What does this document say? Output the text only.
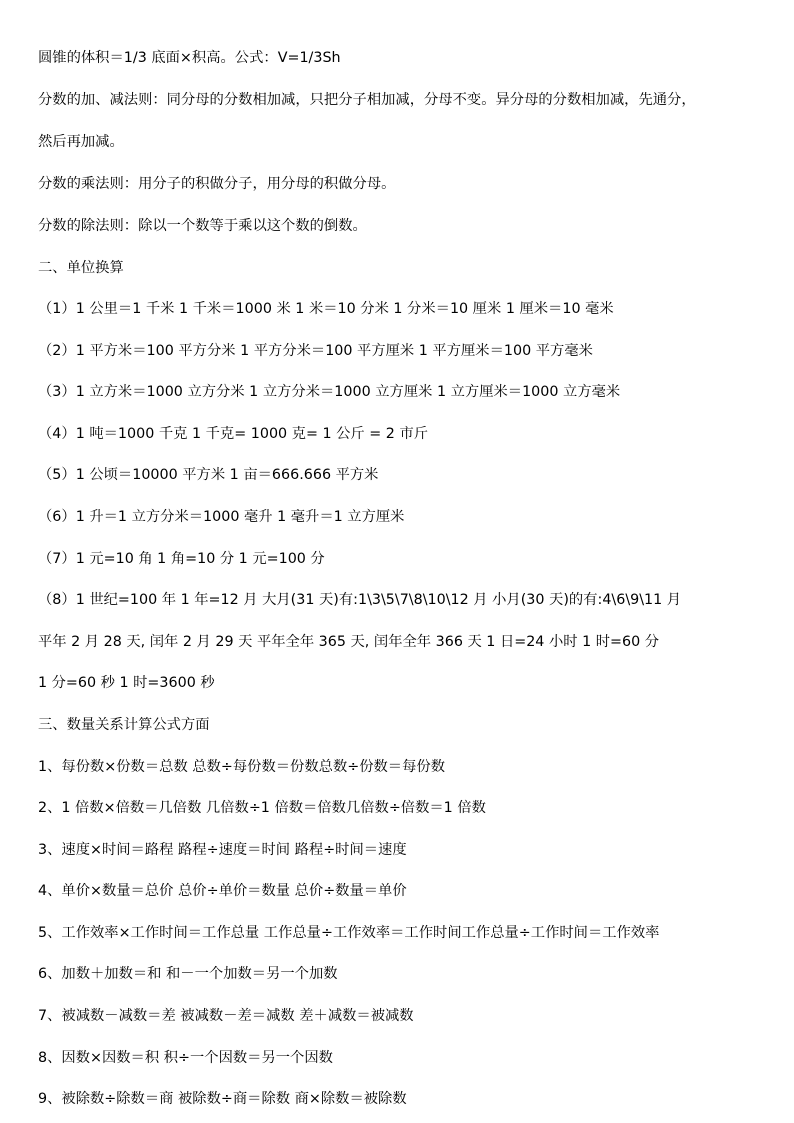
圆锥的体积＝1/3 底面×积高。公式：V=1/3Sh
分数的加、减法则：同分母的分数相加减，只把分子相加减，分母不变。异分母的分数相加减，先通分，
然后再加减。
分数的乘法则：用分子的积做分子，用分母的积做分母。
分数的除法则：除以一个数等于乘以这个数的倒数。
二、单位换算
（1）1 公里＝1 千米 1 千米＝1000 米 1 米＝10 分米 1 分米＝10 厘米 1 厘米＝10 毫米
（2）1 平方米＝100 平方分米 1 平方分米＝100 平方厘米 1 平方厘米＝100 平方毫米
（3）1 立方米＝1000 立方分米 1 立方分米＝1000 立方厘米 1 立方厘米＝1000 立方毫米
（4）1 吨＝1000 千克 1 千克= 1000 克= 1 公斤 = 2 市斤
（5）1 公顷＝10000 平方米 1 亩＝666.666 平方米
（6）1 升＝1 立方分米＝1000 毫升 1 毫升＝1 立方厘米
（7）1 元=10 角 1 角=10 分 1 元=100 分
（8）1 世纪=100 年 1 年=12 月 大月(31 天)有:1\3\5\7\8\10\12 月 小月(30 天)的有:4\6\9\11 月
平年 2 月 28 天, 闰年 2 月 29 天 平年全年 365 天, 闰年全年 366 天 1 日=24 小时 1 时=60 分
1 分=60 秒 1 时=3600 秒
三、数量关系计算公式方面
1、每份数×份数＝总数 总数÷每份数＝份数总数÷份数＝每份数
2、1 倍数×倍数＝几倍数 几倍数÷1 倍数＝倍数几倍数÷倍数＝1 倍数
3、速度×时间＝路程 路程÷速度＝时间 路程÷时间＝速度
4、单价×数量＝总价 总价÷单价＝数量 总价÷数量＝单价
5、工作效率×工作时间＝工作总量 工作总量÷工作效率＝工作时间工作总量÷工作时间＝工作效率
6、加数＋加数＝和 和－一个加数＝另一个加数
7、被减数－减数＝差 被减数－差＝减数 差＋减数＝被减数
8、因数×因数＝积 积÷一个因数＝另一个因数
9、被除数÷除数＝商 被除数÷商＝除数 商×除数＝被除数
